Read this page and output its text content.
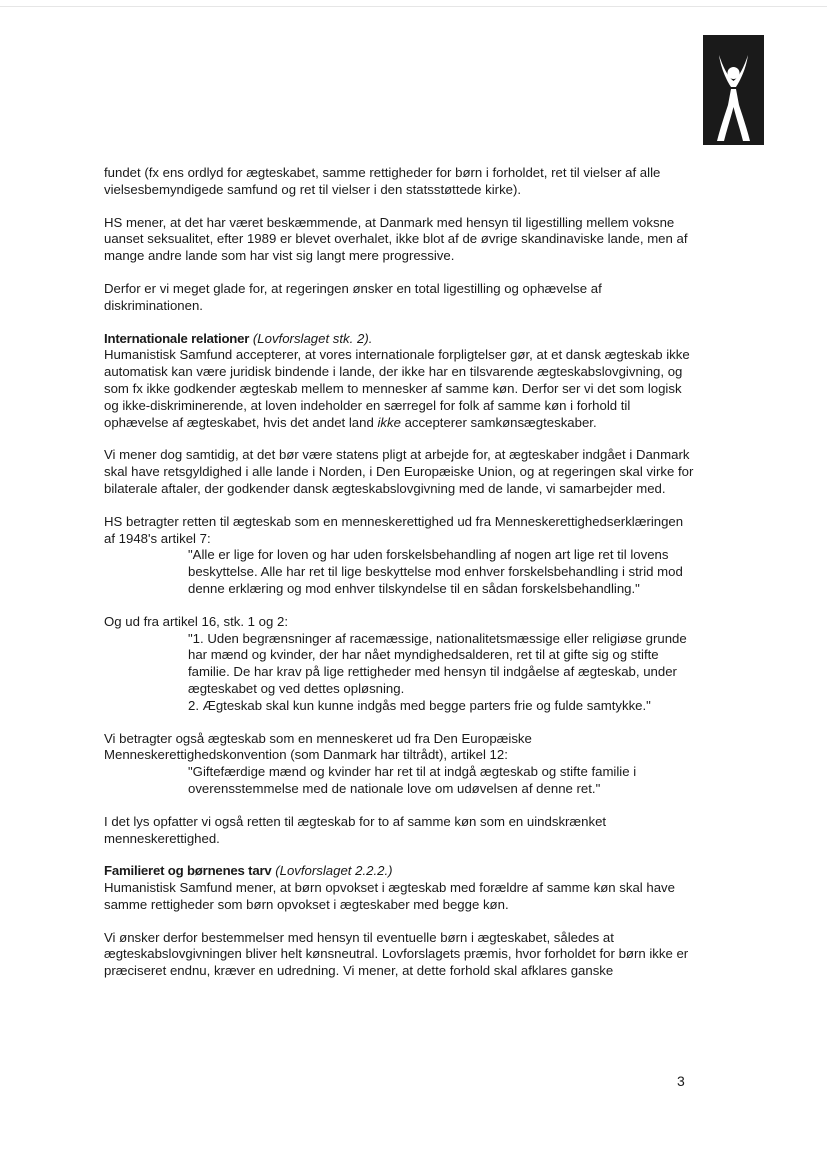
fundet (fx ens ordlyd for ægteskabet, samme rettigheder for børn i forholdet, ret til vielser af alle vielsesbemyndigede samfund og ret til vielser i den statsstøttede kirke).

HS mener, at det har været beskæmmende, at Danmark med hensyn til ligestilling mellem voksne uanset seksualitet, efter 1989 er blevet overhalet, ikke blot af de øvrige skandinaviske lande, men af mange andre lande som har vist sig langt mere progressive.

Derfor er vi meget glade for, at regeringen ønsker en total ligestilling og ophævelse af diskriminationen.

Internationale relationer (Lovforslaget stk. 2).
Humanistisk Samfund accepterer, at vores internationale forpligtelser gør, at et dansk ægteskab ikke automatisk kan være juridisk bindende i lande, der ikke har en tilsvarende ægteskabslovgivning, og som fx ikke godkender ægteskab mellem to mennesker af samme køn. Derfor ser vi det som logisk og ikke-diskriminerende, at loven indeholder en særregel for folk af samme køn i forhold til ophævelse af ægteskabet, hvis det andet land ikke accepterer samkønsægteskaber.

Vi mener dog samtidig, at det bør være statens pligt at arbejde for, at ægteskaber indgået i Danmark skal have retsgyldighed i alle lande i Norden, i Den Europæiske Union, og at regeringen skal virke for bilaterale aftaler, der godkender dansk ægteskabslovgivning med de lande, vi samarbejder med.

HS betragter retten til ægteskab som en menneskerettighed ud fra Menneskerettighedserklæringen af 1948's artikel 7:

"Alle er lige for loven og har uden forskelsbehandling af nogen art lige ret til lovens beskyttelse. Alle har ret til lige beskyttelse mod enhver forskelsbehandling i strid mod denne erklæring og mod enhver tilskyndelse til en sådan forskelsbehandling."

Og ud fra artikel 16, stk. 1 og 2:

"1. Uden begrænsninger af racemæssige, nationalitetsmæssige eller religiøse grunde har mænd og kvinder, der har nået myndighedsalderen, ret til at gifte sig og stifte familie. De har krav på lige rettigheder med hensyn til indgåelse af ægteskab, under ægteskabet og ved dettes opløsning.
2. Ægteskab skal kun kunne indgås med begge parters frie og fulde samtykke."

Vi betragter også ægteskab som en menneskeret ud fra Den Europæiske Menneskerettighedskonvention (som Danmark har tiltrådt), artikel 12:

"Giftefærdige mænd og kvinder har ret til at indgå ægteskab og stifte familie i overensstemmelse med de nationale love om udøvelsen af denne ret."

I det lys opfatter vi også retten til ægteskab for to af samme køn som en uindskrænket menneskerettighed.

Familieret og børnenes tarv (Lovforslaget 2.2.2.)
Humanistisk Samfund mener, at børn opvokset i ægteskab med forældre af samme køn skal have samme rettigheder som børn opvokset i ægteskaber med begge køn.

Vi ønsker derfor bestemmelser med hensyn til eventuelle børn i ægteskabet, således at ægteskabslovgivningen bliver helt kønsneutral. Lovforslagets præmis, hvor forholdet for børn ikke er præciseret endnu, kræver en udredning. Vi mener, at dette forhold skal afklares ganske

3
